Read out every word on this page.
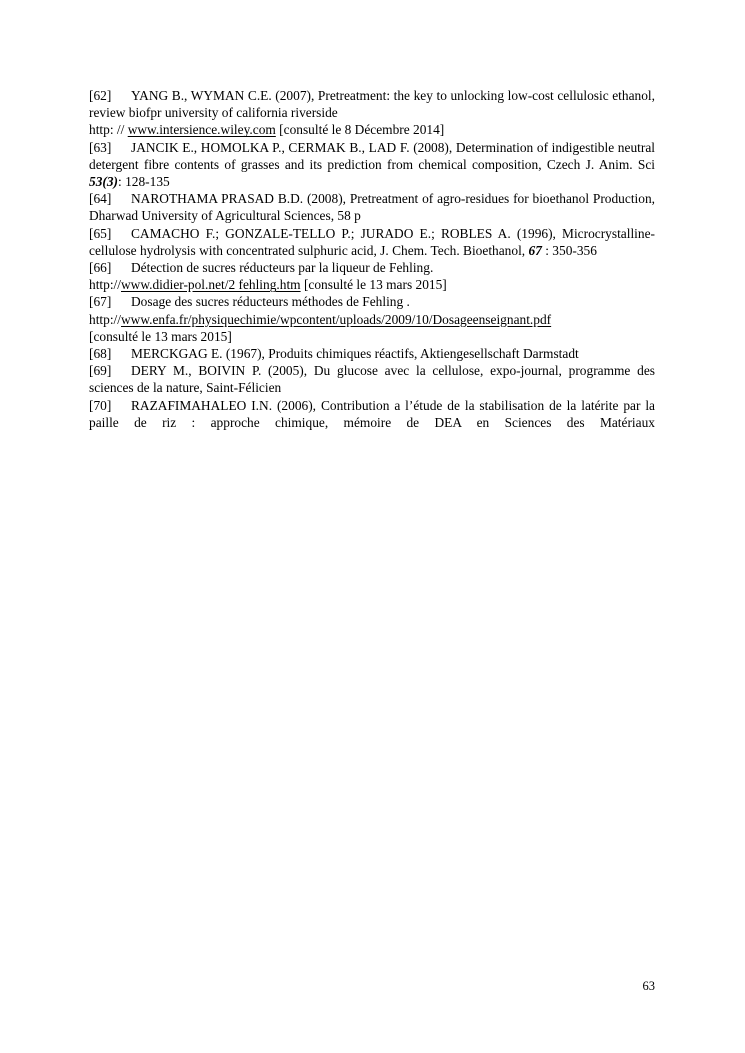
[62] YANG B., WYMAN C.E. (2007), Pretreatment: the key to unlocking low-cost cellulosic ethanol, review biofpr university of california riverside

http: // www.intersience.wiley.com [consulté le 8 Décembre 2014]

[63] JANCIK E., HOMOLKA P., CERMAK B., LAD F. (2008), Determination of indigestible neutral detergent fibre contents of grasses and its prediction from chemical composition, Czech J. Anim. Sci 53(3): 128-135

[64] NAROTHAMA PRASAD B.D. (2008), Pretreatment of agro-residues for bioethanol Production, Dharwad University of Agricultural Sciences, 58 p

[65] CAMACHO F.; GONZALE-TELLO P.; JURADO E.; ROBLES A. (1996), Microcrystalline-cellulose hydrolysis with concentrated sulphuric acid, J. Chem. Tech. Bioethanol, 67 : 350-356

[66] Détection de sucres réducteurs par la liqueur de Fehling.

http://www.didier-pol.net/2 fehling.htm [consulté le 13 mars 2015]

[67] Dosage des sucres réducteurs méthodes de Fehling .

http://www.enfa.fr/physiquechimie/wpcontent/uploads/2009/10/Dosageenseignant.pdf

[consulté le 13 mars 2015]

[68] MERCKGAG E. (1967), Produits chimiques réactifs, Aktiengesellschaft Darmstadt

[69] DERY M., BOIVIN P. (2005), Du glucose avec la cellulose, expo-journal, programme des sciences de la nature, Saint-Félicien

[70] RAZAFIMAHALEO I.N. (2006), Contribution a l’étude de la stabilisation de la latérite par la paille de riz : approche chimique, mémoire de DEA en Sciences des Matériaux

63
